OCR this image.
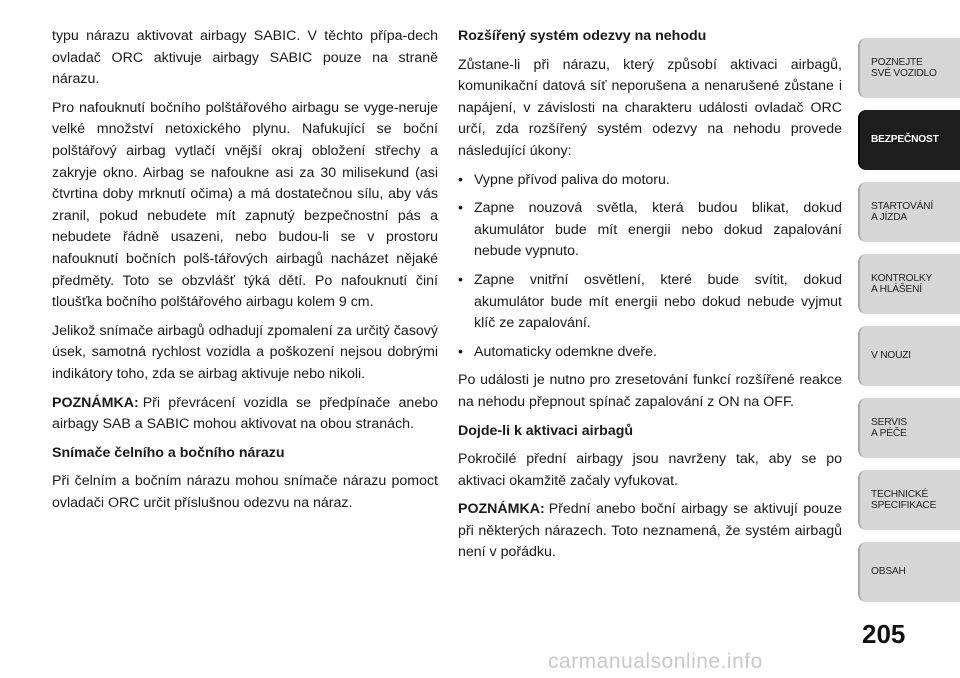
typu nárazu aktivovat airbagy SABIC. V těchto přípa-dech ovladač ORC aktivuje airbagy SABIC pouze na straně nárazu.

Pro nafouknutí bočního polštářového airbagu se vyge-neruje velké množství netoxického plynu. Nafukující se boční polštářový airbag vytlačí vnější okraj obložení střechy a zakryje okno. Airbag se nafoukne asi za 30 milisekund (asi čtvrtina doby mrknutí očima) a má dostatečnou sílu, aby vás zranil, pokud nebudete mít zapnutý bezpečnostní pás a nebudete řádně usazeni, nebo budou-li se v prostoru nafouknutí bočních polš-tářových airbagů nacházet nějaké předměty. Toto se obzvlášť týká dětí. Po nafouknutí činí tloušťka bočního polštářového airbagu kolem 9 cm.

Jelikož snímače airbagů odhadují zpomalení za určitý časový úsek, samotná rychlost vozidla a poškození nejsou dobrými indikátory toho, zda se airbag aktivuje nebo nikoli.

POZNÁMKA: Při převrácení vozidla se předpínače anebo airbagy SAB a SABIC mohou aktivovat na obou stranách.

Snímače čelního a bočního nárazu

Při čelním a bočním nárazu mohou snímače nárazu pomoct ovladači ORC určit příslušnou odezvu na náraz.

Rozšířený systém odezvy na nehodu

Zůstane-li při nárazu, který způsobí aktivaci airbagů, komunikační datová síť neporušena a nenarušené zůstane i napájení, v závislosti na charakteru události ovladač ORC určí, zda rozšířený systém odezvy na nehodu provede následující úkony:

• Vypne přívod paliva do motoru.

• Zapne nouzová světla, která budou blikat, dokud akumulátor bude mít energii nebo dokud zapalování nebude vypnuto.

• Zapne vnitřní osvětlení, které bude svítit, dokud akumulátor bude mít energii nebo dokud nebude vyjmut klíč ze zapalování.

• Automaticky odemkne dveře.

Po události je nutno pro zresetování funkcí rozšířené reakce na nehodu přepnout spínač zapalování z ON na OFF.

Dojde-li k aktivaci airbagů

Pokročilé přední airbagy jsou navrženy tak, aby se po aktivaci okamžitě začaly vyfukovat.

POZNÁMKA: Přední anebo boční airbagy se aktivují pouze při některých nárazech. Toto neznamená, že systém airbagů není v pořádku.

POZNEJTE
SVÉ VOZIDLO
BEZPEČNOST
STARTOVÁNÍ
A JÍZDA
KONTROLKY
A HLÁŠENÍ
V NOUZI
SERVIS
A PÉČE
TECHNICKÉ
SPECIFIKACE
OBSAH
205
carmanualsonline.info
